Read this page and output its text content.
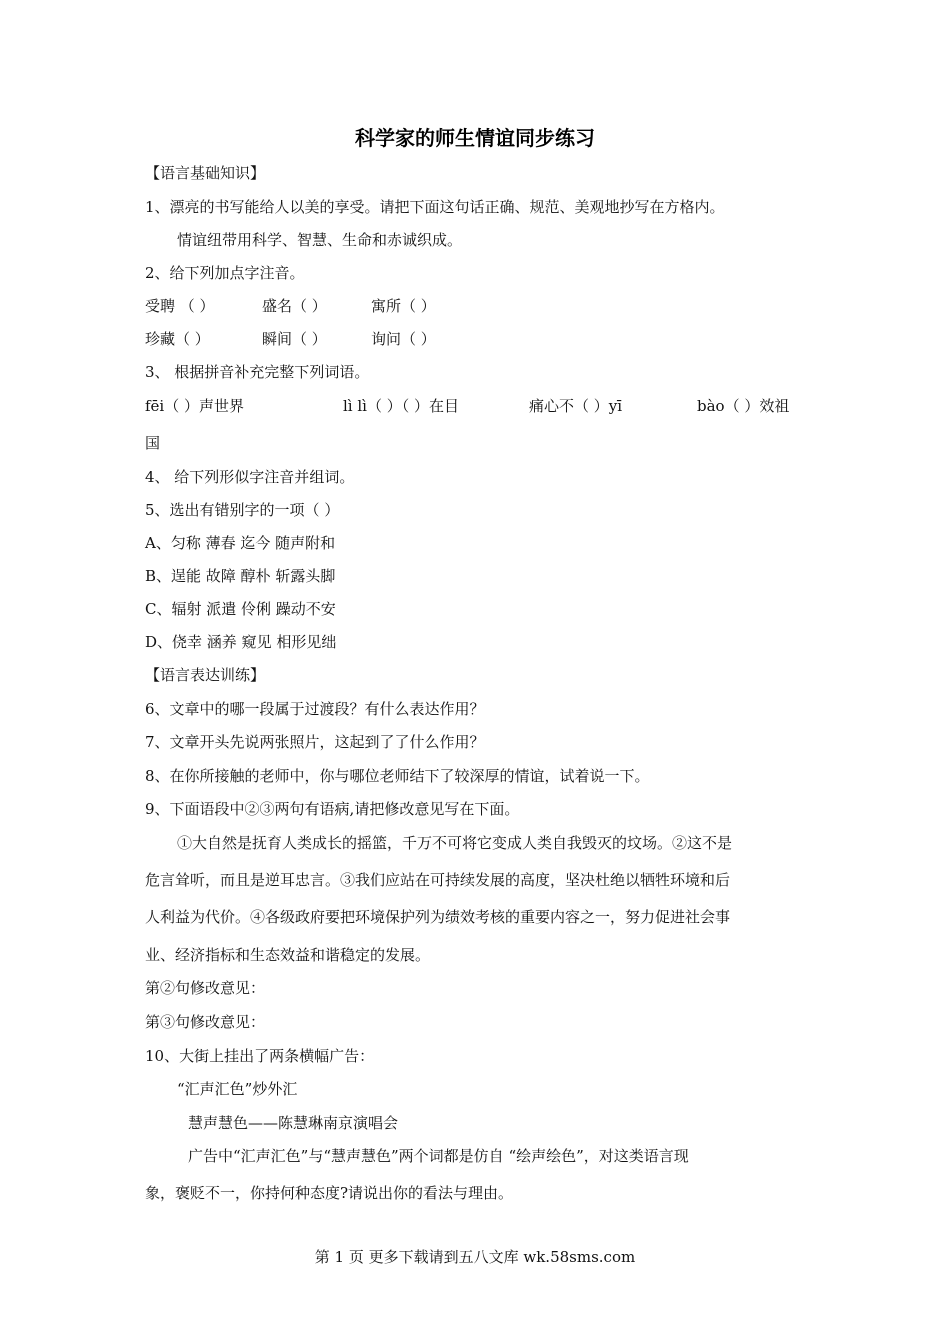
科学家的师生情谊同步练习
【语言基础知识】
1、漂亮的书写能给人以美的享受。请把下面这句话正确、规范、美观地抄写在方格内。
情谊纽带用科学、智慧、生命和赤诚织成。
2、给下列加点字注音。
受聘 （ ）	盛名（ ）	寓所（ ）
珍藏（ ）	瞬间（ ）	询问（ ）
3、 根据拼音补充完整下列词语。
fēi（ ）声世界	lì lì（ ）（ ）在目	痛心不（ ）yī	bào（ ）效祖
国
4、 给下列形似字注音并组词。
5、选出有错别字的一项（ ）
A、匀称 薄春 迄今 随声附和
B、逞能 故障 醇朴 斩露头脚
C、辐射 派遣 伶俐 躁动不安
D、侥幸 涵养 窥见 相形见绌
【语言表达训练】
6、文章中的哪一段属于过渡段？有什么表达作用？
7、文章开头先说两张照片，这起到了了什么作用？
8、在你所接触的老师中，你与哪位老师结下了较深厚的情谊，试着说一下。
9、下面语段中②③两句有语病,请把修改意见写在下面。
①大自然是抚育人类成长的摇篮，千万不可将它变成人类自我毁灭的坟场。②这不是
危言耸听，而且是逆耳忠言。③我们应站在可持续发展的高度，坚决杜绝以牺牲环境和后
人利益为代价。④各级政府要把环境保护列为绩效考核的重要内容之一，努力促进社会事
业、经济指标和生态效益和谐稳定的发展。
第②句修改意见：
第③句修改意见：
10、大街上挂出了两条横幅广告：
“汇声汇色”炒外汇
慧声慧色——陈慧琳南京演唱会
广告中“汇声汇色”与“慧声慧色”两个词都是仿自 “绘声绘色”，对这类语言现
象，褒贬不一，你持何种态度?请说出你的看法与理由。
第 1 页 更多下载请到五八文库 wk.58sms.com
